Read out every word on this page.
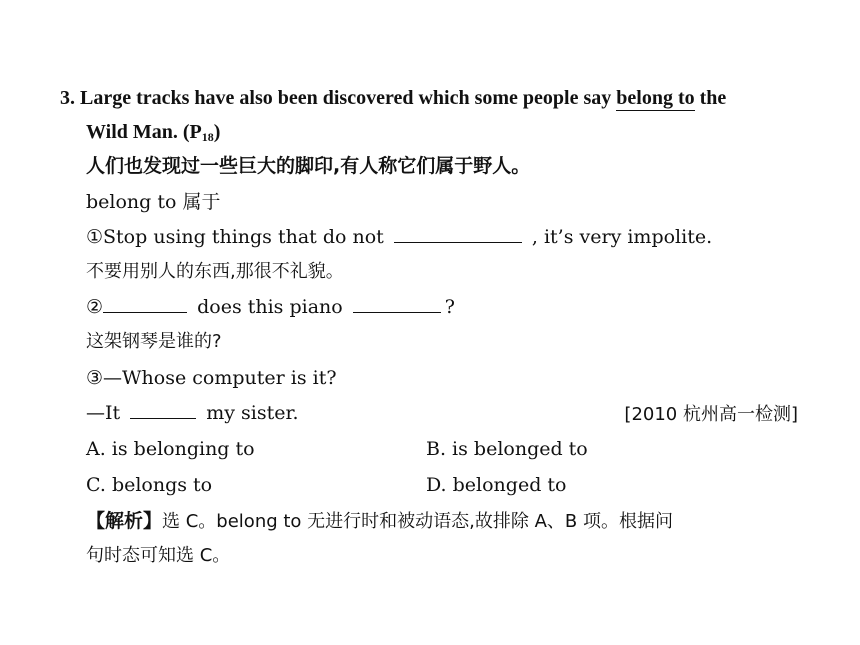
3. Large tracks have also been discovered which some people say belong to the
Wild Man. $(P_{18})$
人们也发现过一些巨大的脚印,有人称它们属于野人。
belong to 属于
①Stop using things that do not	, it’s very impolite.
不要用别人的东西,那很不礼貌。
②	does this piano	?
这架钢琴是谁的?
③—Whose computer is it?
—It	my sister.	[2010 杭州高一检测]
A. is belonging to	B. is belonged to
C. belongs to	D. belonged to
【解析】选 C。belong to 无进行时和被动语态,故排除 A、B 项。根据问
句时态可知选 C。
